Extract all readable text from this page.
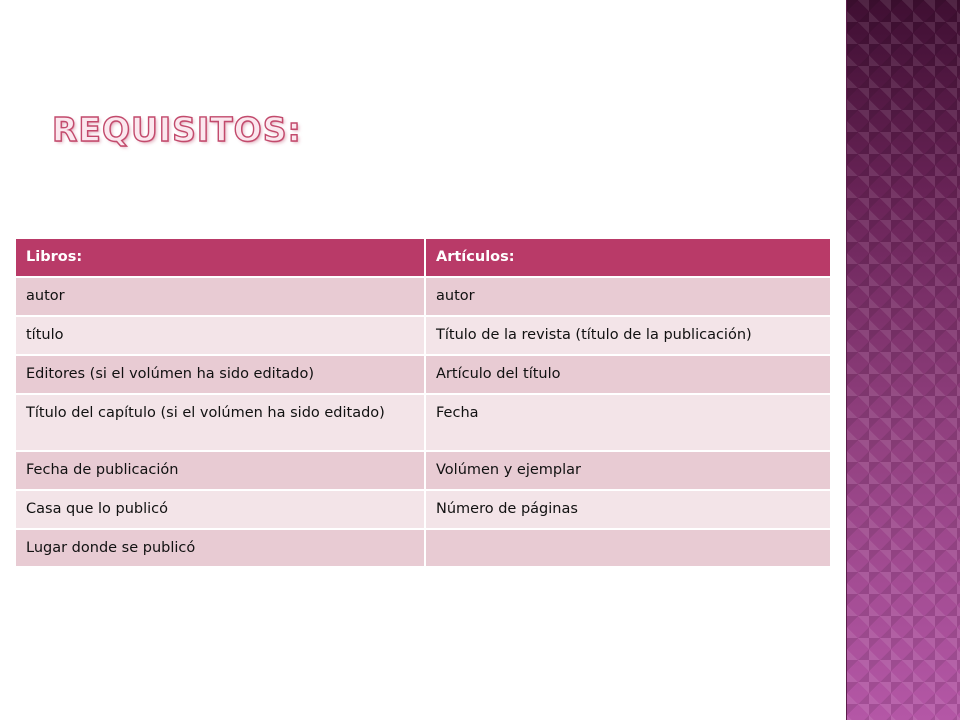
REQUISITOS:
Libros:	Artículos:
autor	autor
título	Título de la revista (título de la publicación)
Editores (si el volúmen ha sido editado)	Artículo del título
Título del capítulo (si el volúmen ha sido editado)	Fecha
Fecha de publicación	Volúmen y ejemplar
Casa que lo publicó	Número de páginas
Lugar donde se publicó	
